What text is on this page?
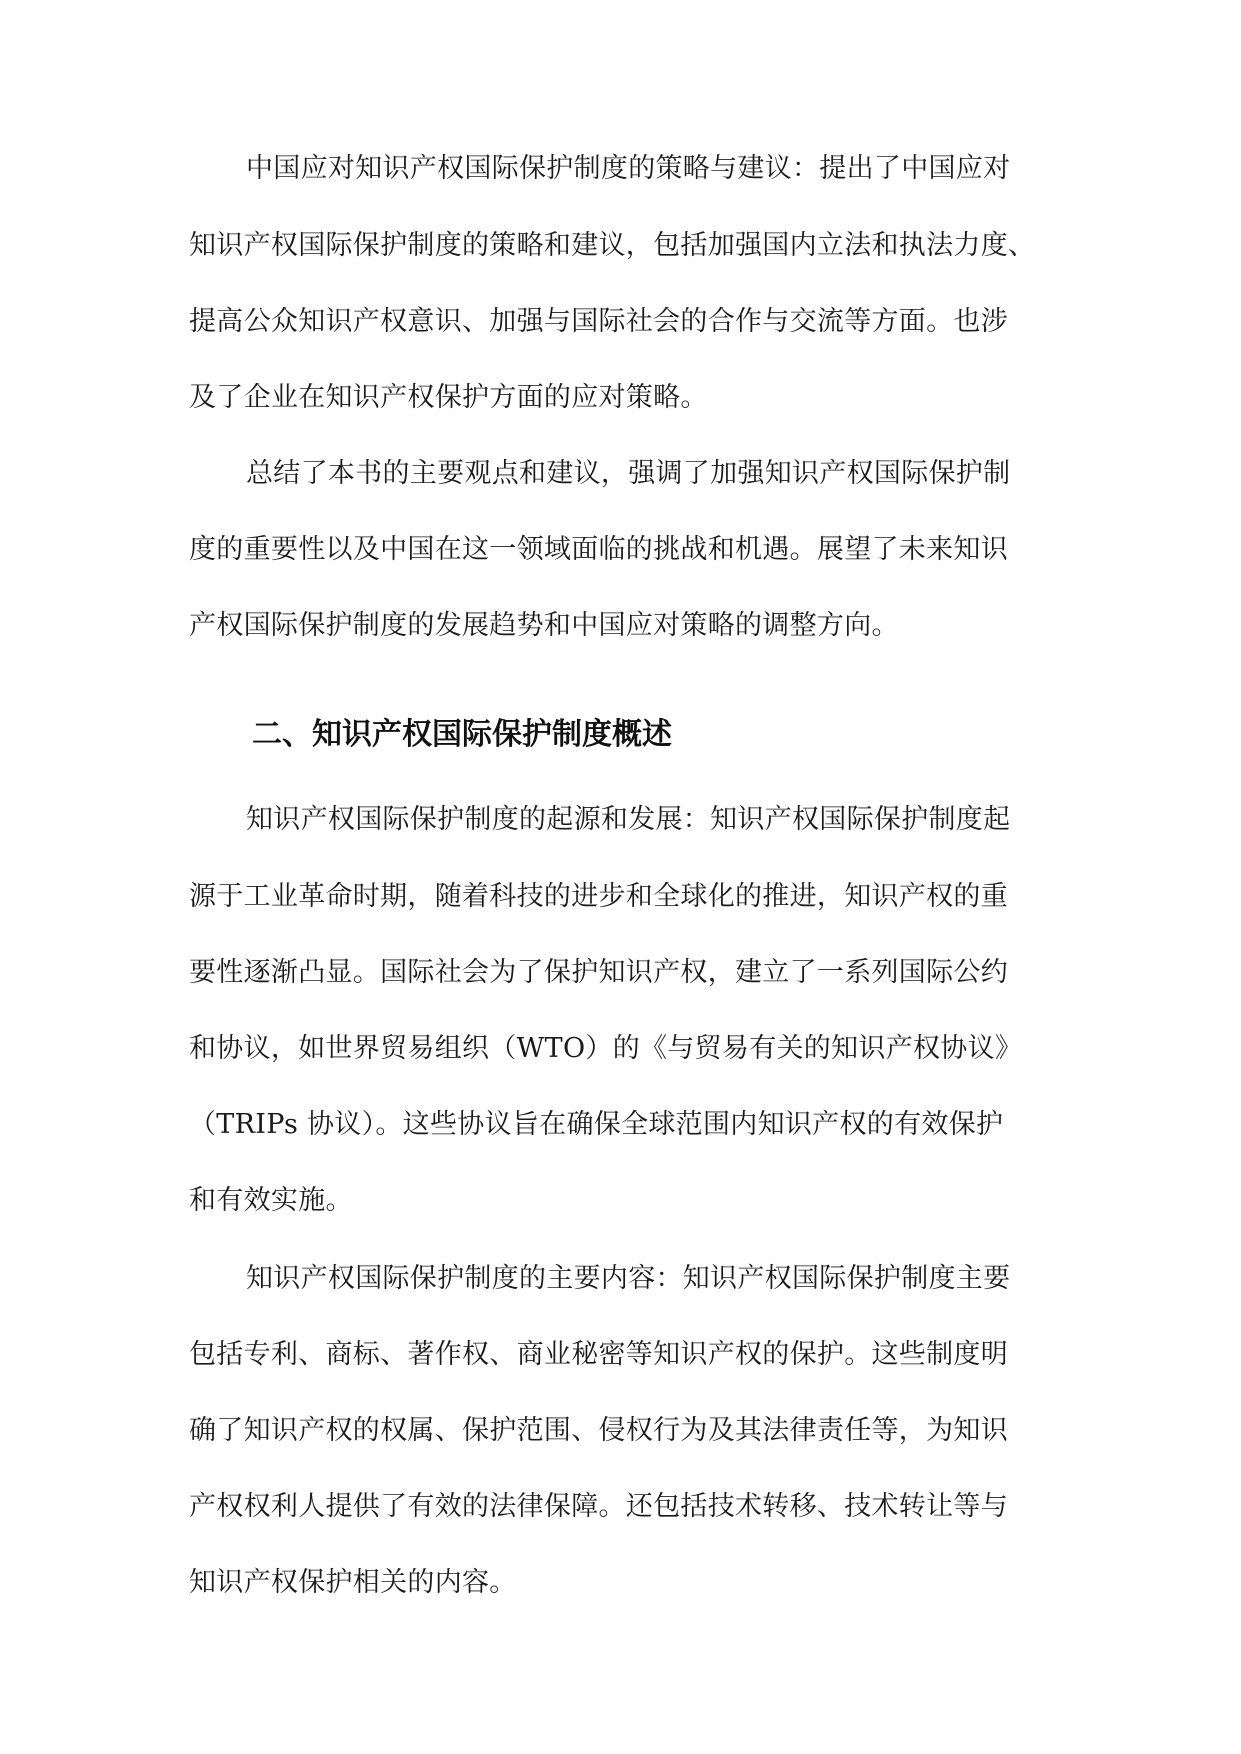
中国应对知识产权国际保护制度的策略与建议：提出了中国应对
知识产权国际保护制度的策略和建议，包括加强国内立法和执法力度、
提高公众知识产权意识、加强与国际社会的合作与交流等方面。也涉
及了企业在知识产权保护方面的应对策略。
总结了本书的主要观点和建议，强调了加强知识产权国际保护制
度的重要性以及中国在这一领域面临的挑战和机遇。展望了未来知识
产权国际保护制度的发展趋势和中国应对策略的调整方向。
二、知识产权国际保护制度概述
知识产权国际保护制度的起源和发展：知识产权国际保护制度起
源于工业革命时期，随着科技的进步和全球化的推进，知识产权的重
要性逐渐凸显。国际社会为了保护知识产权，建立了一系列国际公约
和协议，如世界贸易组织（WTO）的《与贸易有关的知识产权协议》
（TRIPs 协议）。这些协议旨在确保全球范围内知识产权的有效保护
和有效实施。
知识产权国际保护制度的主要内容：知识产权国际保护制度主要
包括专利、商标、著作权、商业秘密等知识产权的保护。这些制度明
确了知识产权的权属、保护范围、侵权行为及其法律责任等，为知识
产权权利人提供了有效的法律保障。还包括技术转移、技术转让等与
知识产权保护相关的内容。
